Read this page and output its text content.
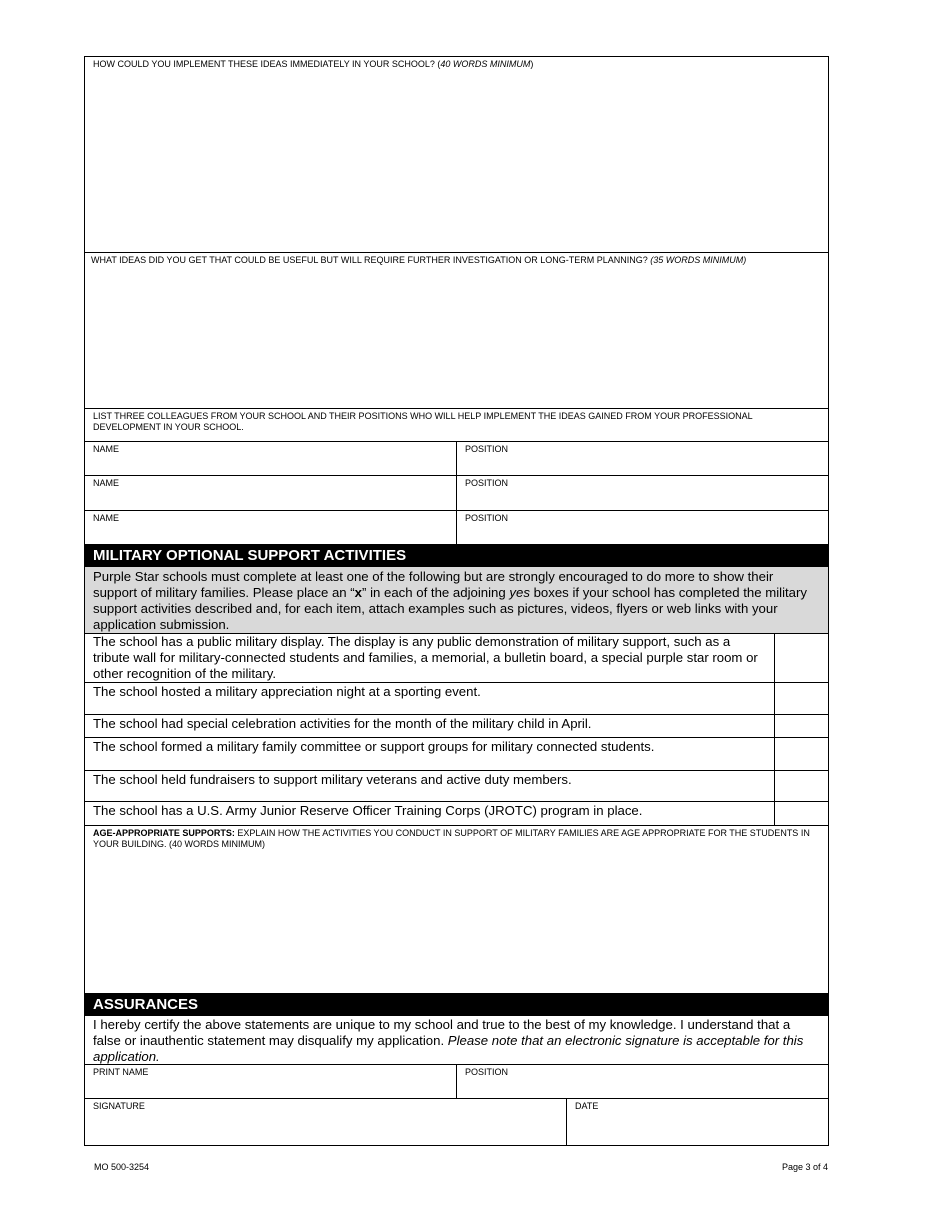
HOW COULD YOU IMPLEMENT THESE IDEAS IMMEDIATELY IN YOUR SCHOOL? (40 WORDS MINIMUM)
WHAT IDEAS DID YOU GET THAT COULD BE USEFUL BUT WILL REQUIRE FURTHER INVESTIGATION OR LONG-TERM PLANNING? (35 WORDS MINIMUM)
LIST THREE COLLEAGUES FROM YOUR SCHOOL AND THEIR POSITIONS WHO WILL HELP IMPLEMENT THE IDEAS GAINED FROM YOUR PROFESSIONAL DEVELOPMENT IN YOUR SCHOOL.
NAME	POSITION
NAME	POSITION
NAME	POSITION
MILITARY OPTIONAL SUPPORT ACTIVITIES
Purple Star schools must complete at least one of the following but are strongly encouraged to do more to show their support of military families. Please place an “x” in each of the adjoining yes boxes if your school has completed the military support activities described and, for each item, attach examples such as pictures, videos, flyers or web links with your application submission.
The school has a public military display. The display is any public demonstration of military support, such as a tribute wall for military-connected students and families, a memorial, a bulletin board, a special purple star room or other recognition of the military.
The school hosted a military appreciation night at a sporting event.
The school had special celebration activities for the month of the military child in April.
The school formed a military family committee or support groups for military connected students.
The school held fundraisers to support military veterans and active duty members.
The school has a U.S. Army Junior Reserve Officer Training Corps (JROTC) program in place.
AGE-APPROPRIATE SUPPORTS: EXPLAIN HOW THE ACTIVITIES YOU CONDUCT IN SUPPORT OF MILITARY FAMILIES ARE AGE APPROPRIATE FOR THE STUDENTS IN YOUR BUILDING. (40 WORDS MINIMUM)
ASSURANCES
I hereby certify the above statements are unique to my school and true to the best of my knowledge. I understand that a false or inauthentic statement may disqualify my application. Please note that an electronic signature is acceptable for this application.
PRINT NAME	POSITION
SIGNATURE	DATE
MO 500-3254	Page 3 of 4
